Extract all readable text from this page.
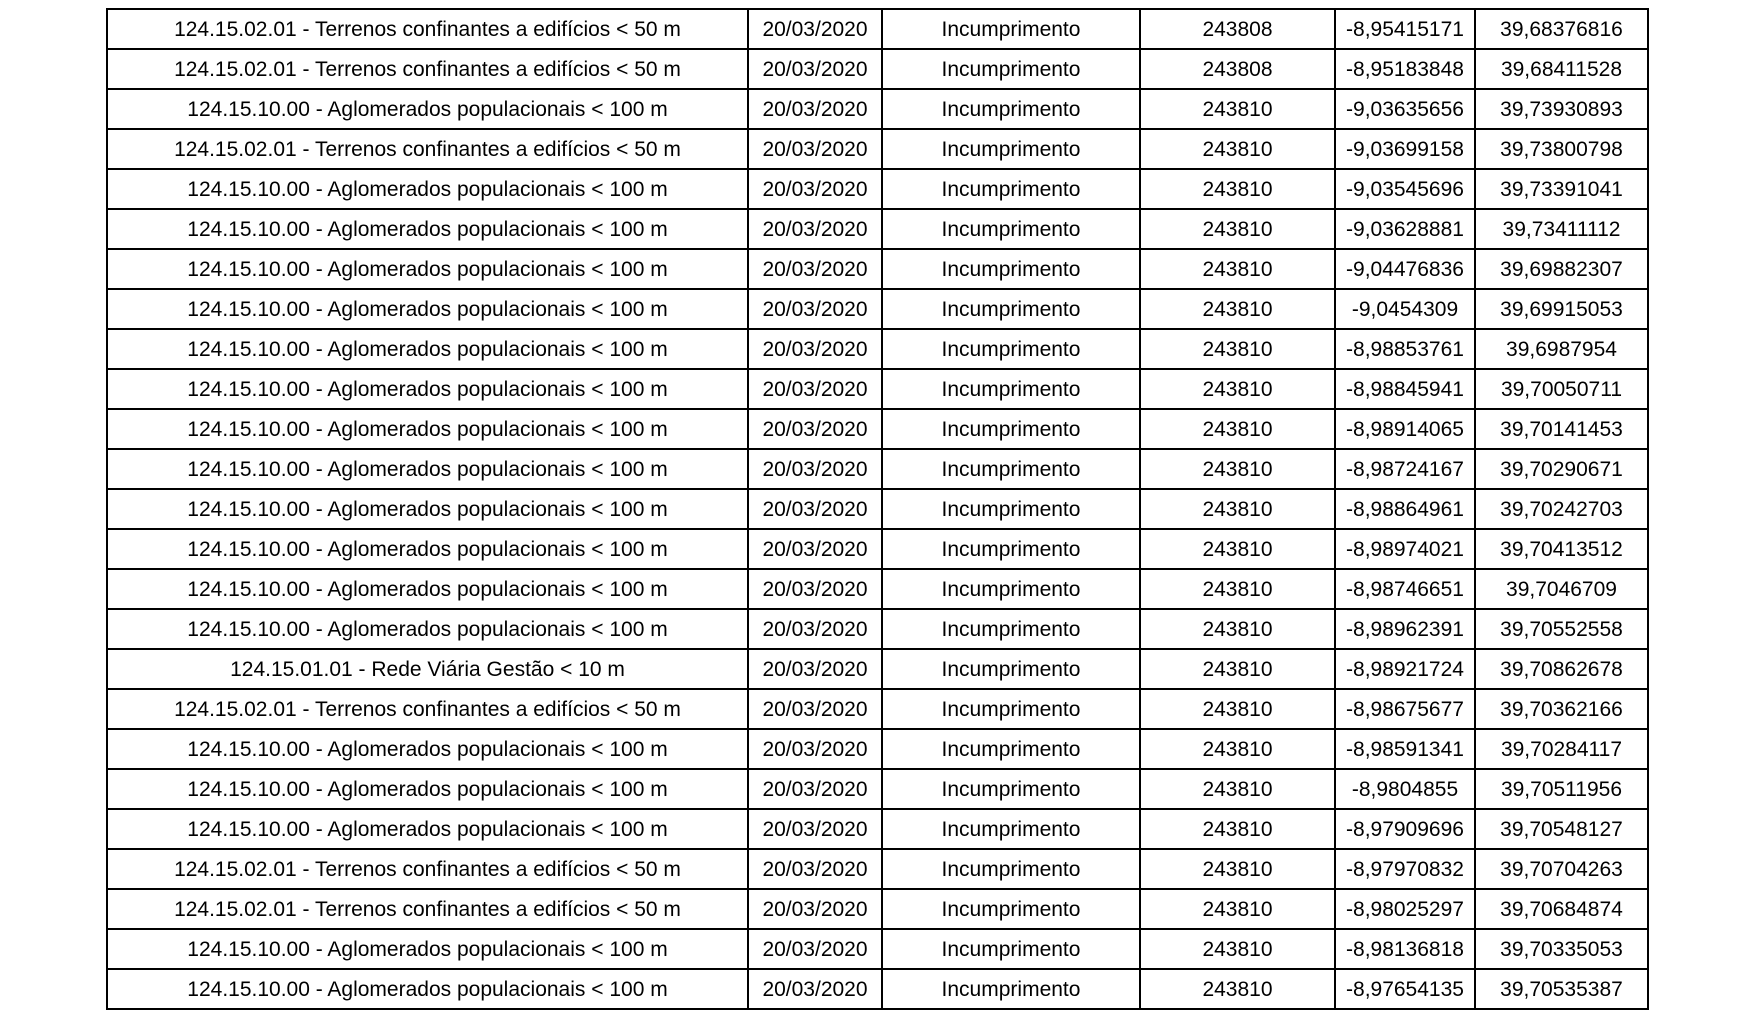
124.15.02.01 - Terrenos confinantes a edifícios < 50 m	20/03/2020	Incumprimento	243808	-8,95415171	39,68376816
124.15.02.01 - Terrenos confinantes a edifícios < 50 m	20/03/2020	Incumprimento	243808	-8,95183848	39,68411528
124.15.10.00 - Aglomerados populacionais < 100 m	20/03/2020	Incumprimento	243810	-9,03635656	39,73930893
124.15.02.01 - Terrenos confinantes a edifícios < 50 m	20/03/2020	Incumprimento	243810	-9,03699158	39,73800798
124.15.10.00 - Aglomerados populacionais < 100 m	20/03/2020	Incumprimento	243810	-9,03545696	39,73391041
124.15.10.00 - Aglomerados populacionais < 100 m	20/03/2020	Incumprimento	243810	-9,03628881	39,73411112
124.15.10.00 - Aglomerados populacionais < 100 m	20/03/2020	Incumprimento	243810	-9,04476836	39,69882307
124.15.10.00 - Aglomerados populacionais < 100 m	20/03/2020	Incumprimento	243810	-9,0454309	39,69915053
124.15.10.00 - Aglomerados populacionais < 100 m	20/03/2020	Incumprimento	243810	-8,98853761	39,6987954
124.15.10.00 - Aglomerados populacionais < 100 m	20/03/2020	Incumprimento	243810	-8,98845941	39,70050711
124.15.10.00 - Aglomerados populacionais < 100 m	20/03/2020	Incumprimento	243810	-8,98914065	39,70141453
124.15.10.00 - Aglomerados populacionais < 100 m	20/03/2020	Incumprimento	243810	-8,98724167	39,70290671
124.15.10.00 - Aglomerados populacionais < 100 m	20/03/2020	Incumprimento	243810	-8,98864961	39,70242703
124.15.10.00 - Aglomerados populacionais < 100 m	20/03/2020	Incumprimento	243810	-8,98974021	39,70413512
124.15.10.00 - Aglomerados populacionais < 100 m	20/03/2020	Incumprimento	243810	-8,98746651	39,7046709
124.15.10.00 - Aglomerados populacionais < 100 m	20/03/2020	Incumprimento	243810	-8,98962391	39,70552558
124.15.01.01 - Rede Viária Gestão < 10 m	20/03/2020	Incumprimento	243810	-8,98921724	39,70862678
124.15.02.01 - Terrenos confinantes a edifícios < 50 m	20/03/2020	Incumprimento	243810	-8,98675677	39,70362166
124.15.10.00 - Aglomerados populacionais < 100 m	20/03/2020	Incumprimento	243810	-8,98591341	39,70284117
124.15.10.00 - Aglomerados populacionais < 100 m	20/03/2020	Incumprimento	243810	-8,9804855	39,70511956
124.15.10.00 - Aglomerados populacionais < 100 m	20/03/2020	Incumprimento	243810	-8,97909696	39,70548127
124.15.02.01 - Terrenos confinantes a edifícios < 50 m	20/03/2020	Incumprimento	243810	-8,97970832	39,70704263
124.15.02.01 - Terrenos confinantes a edifícios < 50 m	20/03/2020	Incumprimento	243810	-8,98025297	39,70684874
124.15.10.00 - Aglomerados populacionais < 100 m	20/03/2020	Incumprimento	243810	-8,98136818	39,70335053
124.15.10.00 - Aglomerados populacionais < 100 m	20/03/2020	Incumprimento	243810	-8,97654135	39,70535387
